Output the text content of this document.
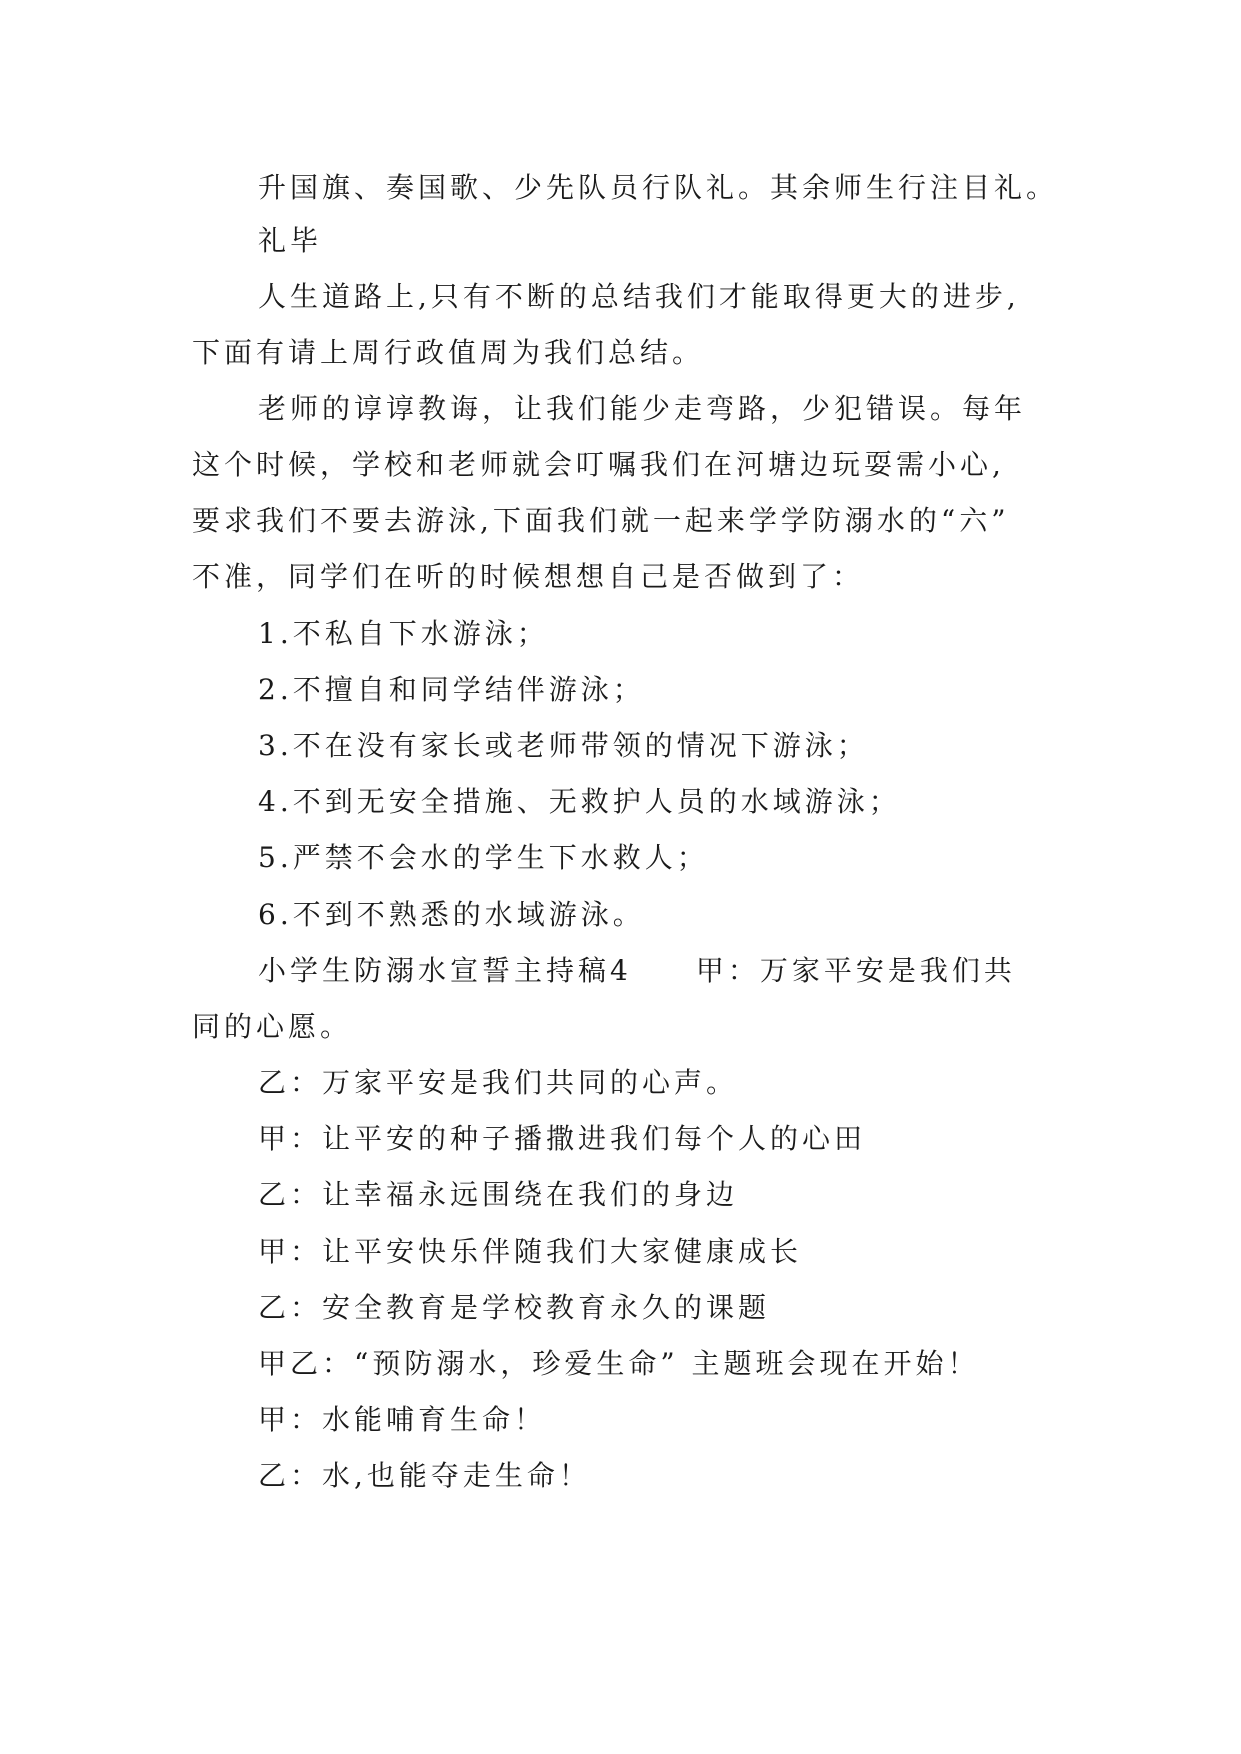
升国旗、奏国歌、少先队员行队礼。其余师生行注目礼。
礼毕
人生道路上,只有不断的总结我们才能取得更大的进步,
下面有请上周行政值周为我们总结。
老师的谆谆教诲，让我们能少走弯路，少犯错误。每年
这个时候，学校和老师就会叮嘱我们在河塘边玩耍需小心,
要求我们不要去游泳,下面我们就一起来学学防溺水的“六”
不准，同学们在听的时候想想自己是否做到了：
1.不私自下水游泳；
2.不擅自和同学结伴游泳；
3.不在没有家长或老师带领的情况下游泳；
4.不到无安全措施、无救护人员的水域游泳；
5.严禁不会水的学生下水救人；
6.不到不熟悉的水域游泳。
小学生防溺水宣誓主持稿4　　甲：万家平安是我们共
同的心愿。
乙：万家平安是我们共同的心声。
甲：让平安的种子播撒进我们每个人的心田
乙：让幸福永远围绕在我们的身边
甲：让平安快乐伴随我们大家健康成长
乙：安全教育是学校教育永久的课题
甲乙：“预防溺水，珍爱生命” 主题班会现在开始！
甲：水能哺育生命！
乙：水,也能夺走生命！
